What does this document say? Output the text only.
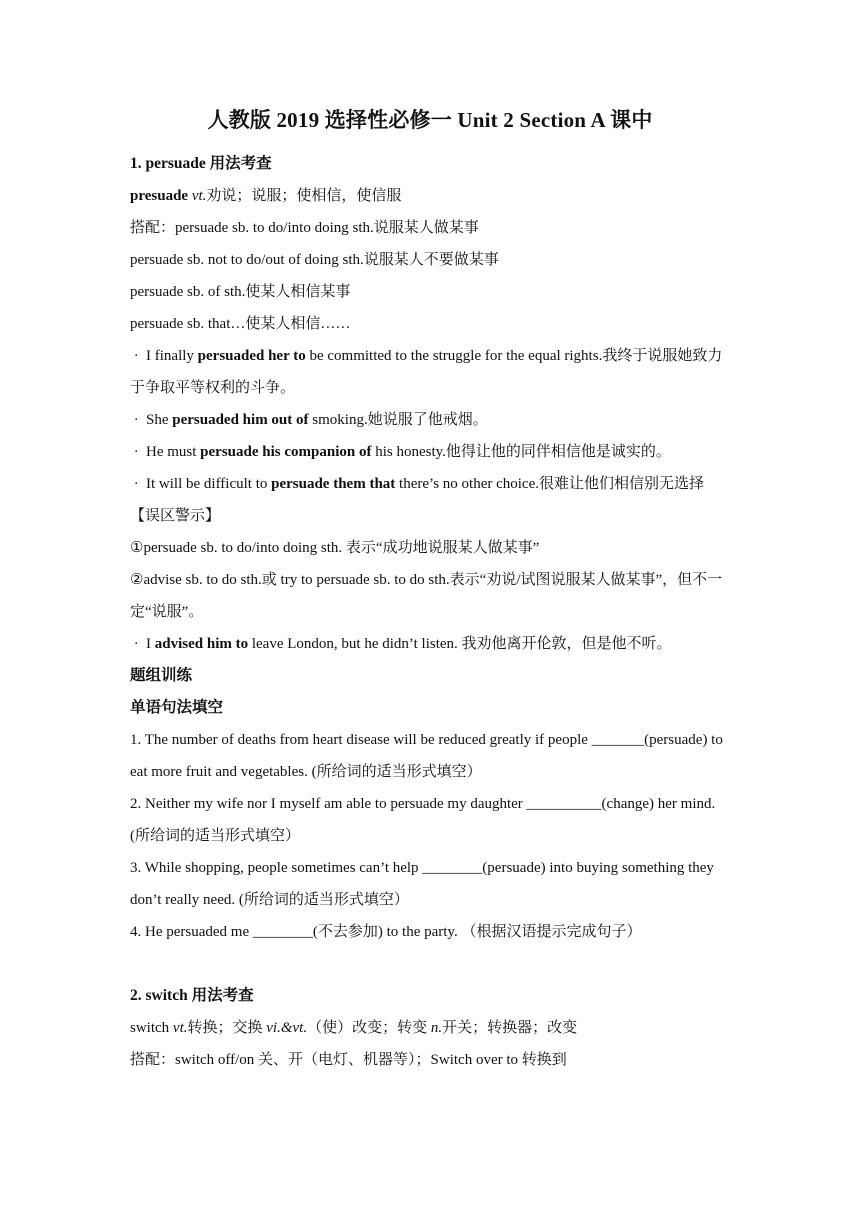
人教版 2019 选择性必修一 Unit 2 Section A 课中
1. persuade 用法考查
presuade vt.劝说；说服；使相信，使信服
搭配：persuade sb. to do/into doing sth.说服某人做某事
persuade sb. not to do/out of doing sth.说服某人不要做某事
persuade sb. of sth.使某人相信某事
persuade sb. that…使某人相信……
· I finally persuaded her to be committed to the struggle for the equal rights.我终于说服她致力于争取平等权利的斗争。
· She persuaded him out of smoking.她说服了他戒烟。
· He must persuade his companion of his honesty.他得让他的同伴相信他是诚实的。
· It will be difficult to persuade them that there’s no other choice.很难让他们相信别无选择
【误区警示】
①persuade sb. to do/into doing sth. 表示“成功地说服某人做某事”
②advise sb. to do sth.或 try to persuade sb. to do sth.表示“劝说/试图说服某人做某事”，但不一定“说服”。
· I advised him to leave London, but he didn’t listen. 我劝他离开伦敦，但是他不听。
题组训练
单语句法填空
1. The number of deaths from heart disease will be reduced greatly if people _______(persuade) to eat more fruit and vegetables. (所给词的适当形式填空）
2. Neither my wife nor I myself am able to persuade my daughter __________(change) her mind. (所给词的适当形式填空）
3. While shopping, people sometimes can’t help ________(persuade) into buying something they don’t really need. (所给词的适当形式填空）
4. He persuaded me ________(不去参加) to the party. （根据汉语提示完成句子）
2. switch 用法考查
switch vt.转换；交换 vi.&vt.（使）改变；转变 n.开关；转换器；改变
搭配：switch off/on 关、开（电灯、机器等）；Switch over to 转换到
